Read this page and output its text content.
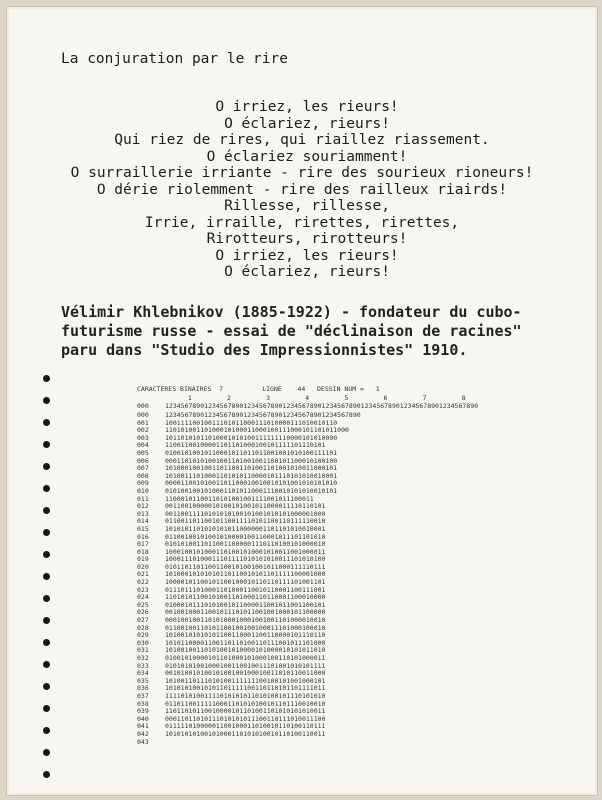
La conjuration par le rire
O irriez, les rieurs!
O éclariez, rieurs!
Qui riez de rires, qui riaillez riassement.
O éclariez souriamment!
O surraillerie irriante - rire des sourieux rioneurs!
O dérie riolemment - rire des railleux riairds!
Rillesse, rillesse,
Irrie, irraille, rirettes, rirettes,
Rirotteurs, rirotteurs!
O irriez, les rieurs!
O éclariez, rieurs!
Vélimir Khlebnikov (1885-1922) - fondateur du cubo-
futurisme russe - essai de "déclinaison de racines"
paru dans "Studio des Impressionnistes" 1910.
CARACTERES BINAIRES  7          LIGNE    44   DESSIN NUM =   1
1         2         3         4         5         6         7         8
000	12345678901234567890123456789012345678901234567890123456789012345678901234567890
000	12345678901234567890123456789012345678901234567890
001	10011110010011101011000111010000111010010110
002	11010100110100010100011000100111000101101011000
003	10110101011010001010100111111110000101010000
004	11001100100001101101000100101111101110101
005	01001010010110001011011011001001010100111101
006	00011010101001001101001001100101100010100100
007	10100010010011011001101001101001010011000101
008	10100111010001101010110000101110101010010001
009	00001100101001101100010010010101001010101010
010	01010010010100011010110001110010101010010101
011	11000101100110101001001111001011100011
012	00110010000010100101001011000011110110101
013	00110011110101010100101001010101000001000
014	01100110110010110011110101100110111110010
015	10101011010101010110000001101101010010001
016	01100100101001010000100110001011101101010
017	01010100110110011000001110110100101000010
018	10001001010001101001010001010011001000011
019	10001110100011101111010101010011101010100
020	01011011011001100101001001011000111110111
021	10100010101010110110010101101111100001000
022	10000101100101100100010110110111101001101
023	01110111010001101000110010110001100111001
024	11010101100101001101000110110001100010000
025	01000101110101001011000011001011001100101
026	00100100011001011101011001001000101100000
027	00010010011010100010001001001101000010010
028	01100100110101100100100100011101000100010
029	10100101010101100110001100110000101110110
030	10101100001100110110100110111001011101000
031	10100100110101001010000101000010101011010
032	01001010000101101000101000100110101000011
033	01010101001000100110010011101001010101111
034	00101001010010100100100010011010110011000
035	10100110111010100111111100100101001000101
036	10101010010101101111100110110101101111011
037	11110101001111010101011010100101110101010
038	01101100111110001101010100101101110010010
039	11011010110010000101101001101010101010011
040	00011011010111010101011100110111010011100
041	01111101000001100100011010010110100110111
042	10101010100101000110101010010110100110011
043
